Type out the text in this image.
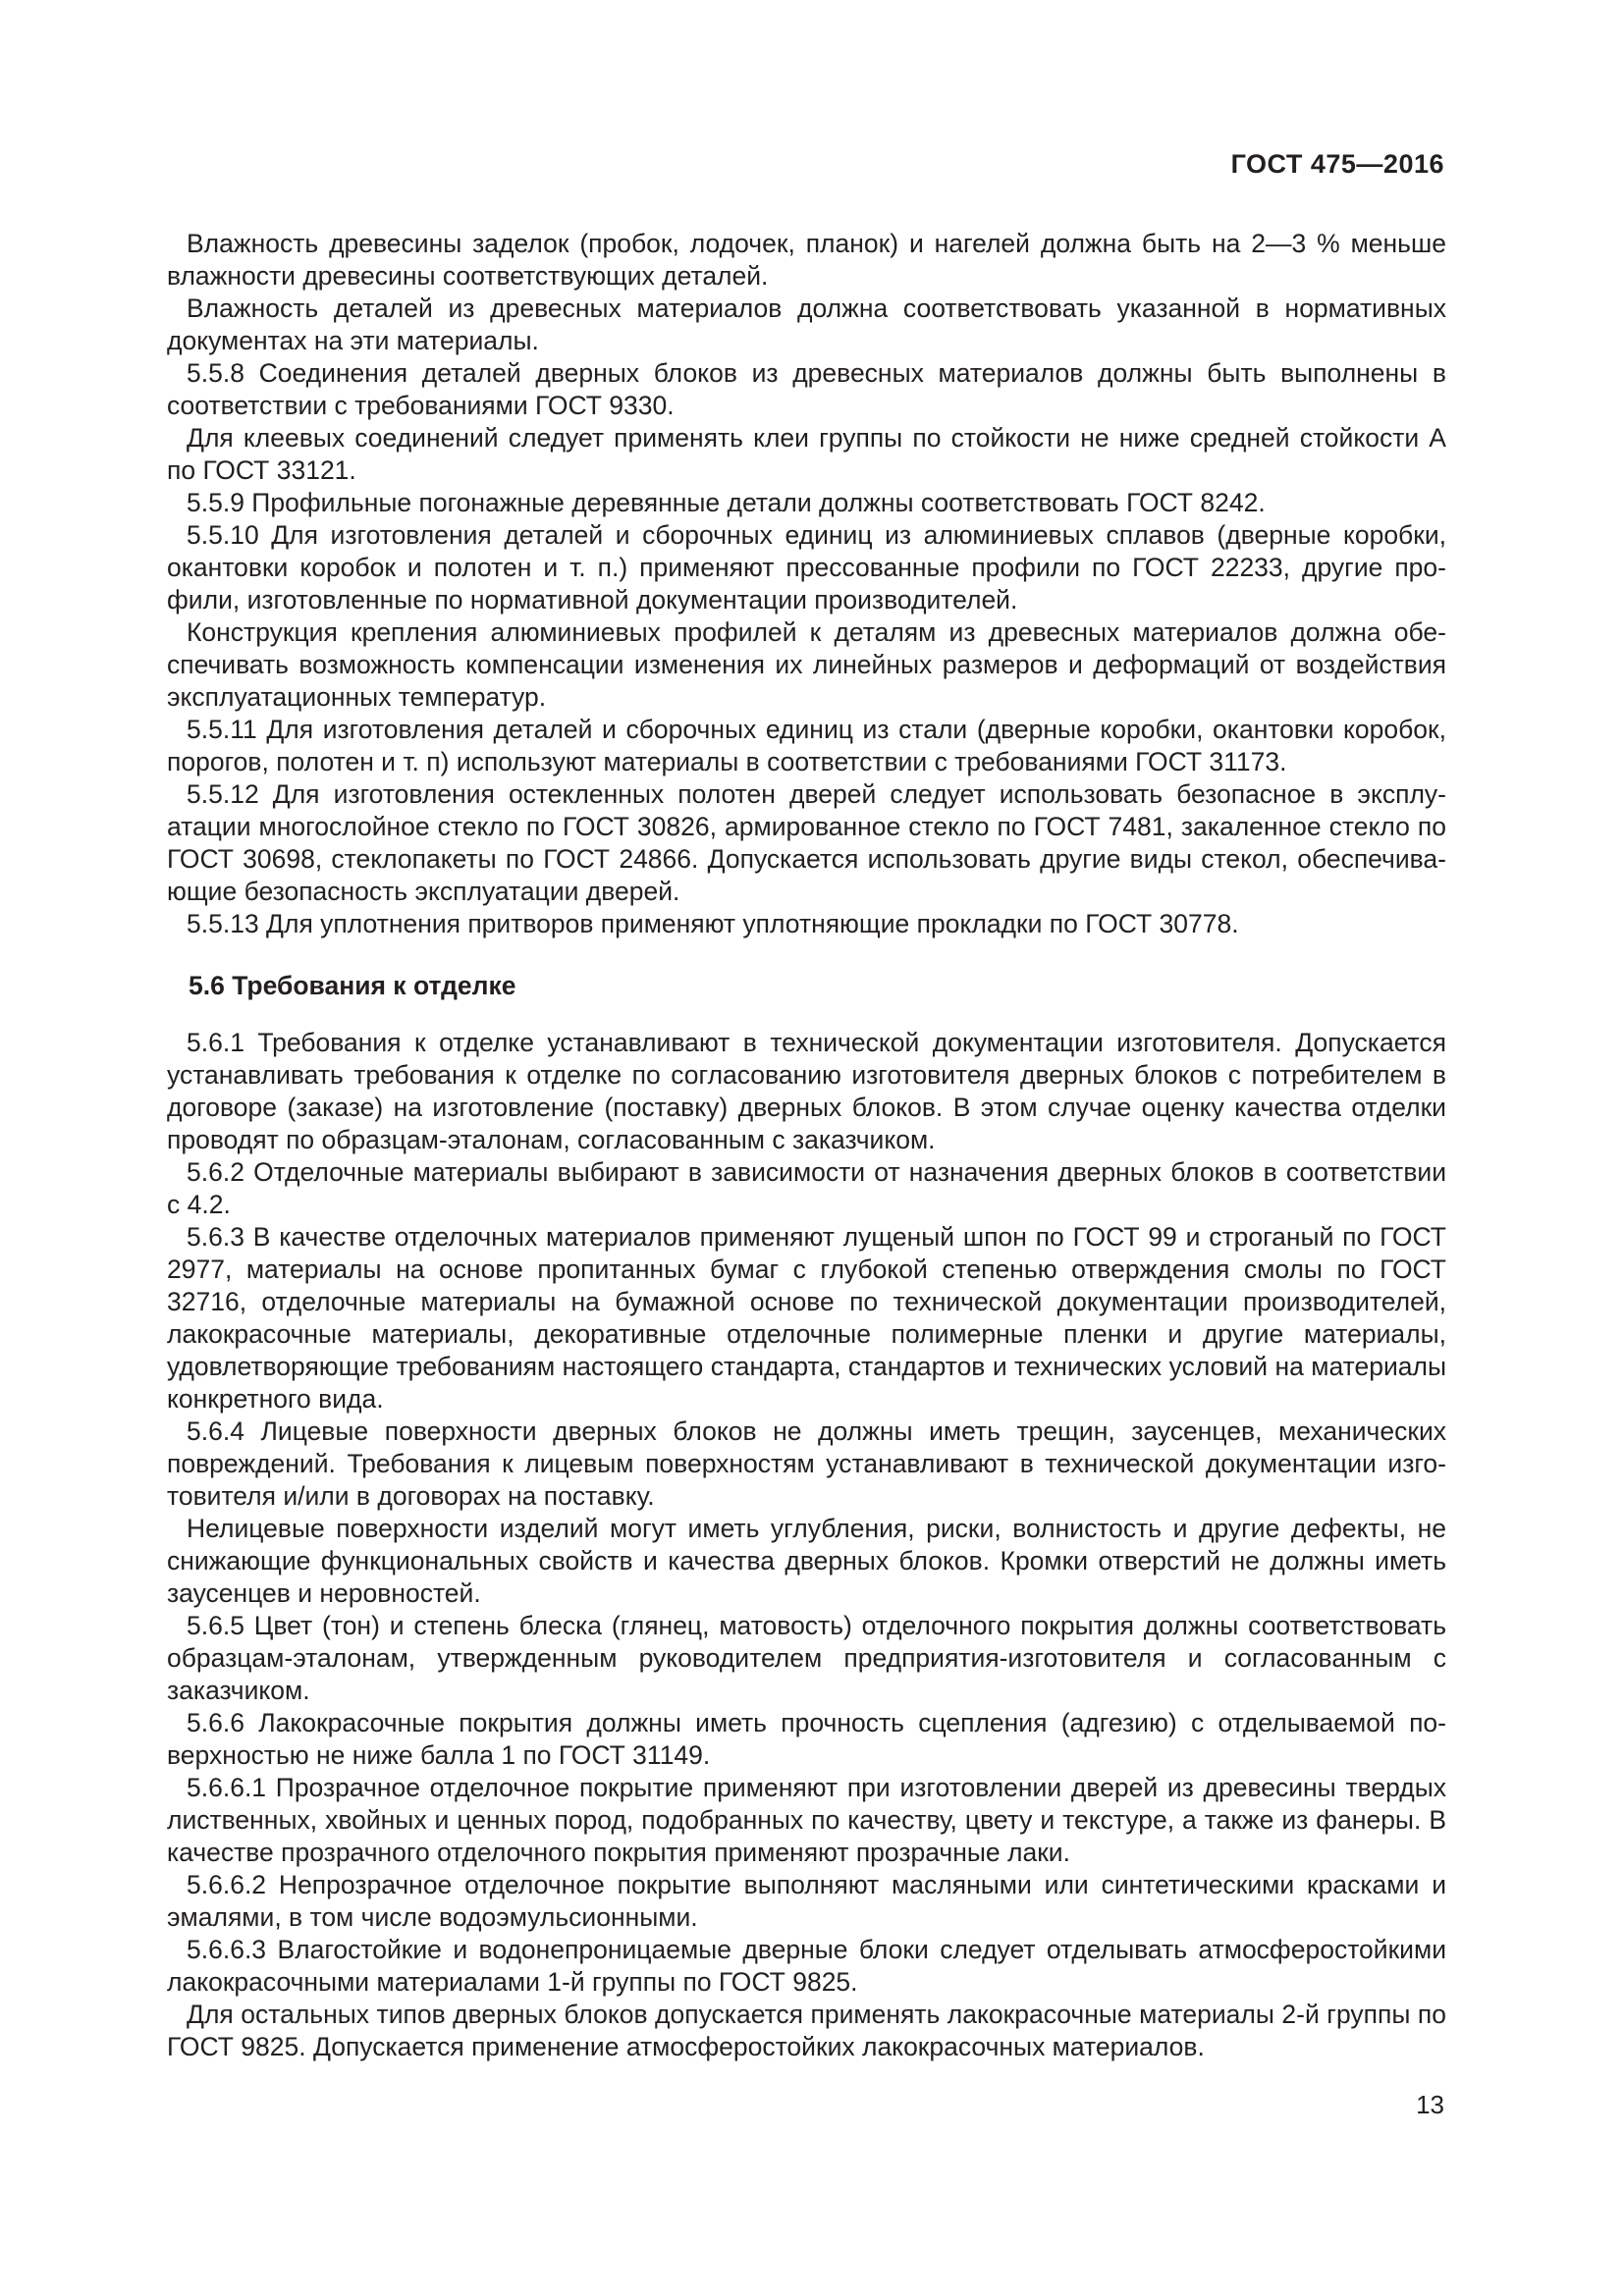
ГОСТ 475—2016

Влажность древесины заделок (пробок, лодочек, планок) и нагелей должна быть на 2—3 % меньше влажности древесины соответствующих деталей.

Влажность деталей из древесных материалов должна соответствовать указанной в нормативных документах на эти материалы.

5.5.8 Соединения деталей дверных блоков из древесных материалов должны быть выполнены в соответствии с требованиями ГОСТ 9330.

Для клеевых соединений следует применять клеи группы по стойкости не ниже средней стойкости А по ГОСТ 33121.

5.5.9 Профильные погонажные деревянные детали должны соответствовать ГОСТ 8242.

5.5.10 Для изготовления деталей и сборочных единиц из алюминиевых сплавов (дверные коробки, окантовки коробок и полотен и т. п.) применяют прессованные профили по ГОСТ 22233, другие профили, изготовленные по нормативной документации производителей.

Конструкция крепления алюминиевых профилей к деталям из древесных материалов должна обеспечивать возможность компенсации изменения их линейных размеров и деформаций от воздействия эксплуатационных температур.

5.5.11 Для изготовления деталей и сборочных единиц из стали (дверные коробки, окантовки коробок, порогов, полотен и т. п) используют материалы в соответствии с требованиями ГОСТ 31173.

5.5.12 Для изготовления остекленных полотен дверей следует использовать безопасное в эксплуатации многослойное стекло по ГОСТ 30826, армированное стекло по ГОСТ 7481, закаленное стекло по ГОСТ 30698, стеклопакеты по ГОСТ 24866. Допускается использовать другие виды стекол, обеспечивающие безопасность эксплуатации дверей.

5.5.13 Для уплотнения притворов применяют уплотняющие прокладки по ГОСТ 30778.

5.6 Требования к отделке

5.6.1 Требования к отделке устанавливают в технической документации изготовителя. Допускается устанавливать требования к отделке по согласованию изготовителя дверных блоков с потребителем в договоре (заказе) на изготовление (поставку) дверных блоков. В этом случае оценку качества отделки проводят по образцам-эталонам, согласованным с заказчиком.

5.6.2 Отделочные материалы выбирают в зависимости от назначения дверных блоков в соответствии с 4.2.

5.6.3 В качестве отделочных материалов применяют лущеный шпон по ГОСТ 99 и строганый по ГОСТ 2977, материалы на основе пропитанных бумаг с глубокой степенью отверждения смолы по ГОСТ 32716, отделочные материалы на бумажной основе по технической документации производителей, лакокрасочные материалы, декоративные отделочные полимерные пленки и другие материалы, удовлетворяющие требованиям настоящего стандарта, стандартов и технических условий на материалы конкретного вида.

5.6.4 Лицевые поверхности дверных блоков не должны иметь трещин, заусенцев, механических повреждений. Требования к лицевым поверхностям устанавливают в технической документации изготовителя и/или в договорах на поставку.

Нелицевые поверхности изделий могут иметь углубления, риски, волнистость и другие дефекты, не снижающие функциональных свойств и качества дверных блоков. Кромки отверстий не должны иметь заусенцев и неровностей.

5.6.5 Цвет (тон) и степень блеска (глянец, матовость) отделочного покрытия должны соответствовать образцам-эталонам, утвержденным руководителем предприятия-изготовителя и согласованным с заказчиком.

5.6.6 Лакокрасочные покрытия должны иметь прочность сцепления (адгезию) с отделываемой поверхностью не ниже балла 1 по ГОСТ 31149.

5.6.6.1 Прозрачное отделочное покрытие применяют при изготовлении дверей из древесины твердых лиственных, хвойных и ценных пород, подобранных по качеству, цвету и текстуре, а также из фанеры. В качестве прозрачного отделочного покрытия применяют прозрачные лаки.

5.6.6.2 Непрозрачное отделочное покрытие выполняют масляными или синтетическими красками и эмалями, в том числе водоэмульсионными.

5.6.6.3 Влагостойкие и водонепроницаемые дверные блоки следует отделывать атмосферостойкими лакокрасочными материалами 1-й группы по ГОСТ 9825.

Для остальных типов дверных блоков допускается применять лакокрасочные материалы 2-й группы по ГОСТ 9825. Допускается применение атмосферостойких лакокрасочных материалов.

13
